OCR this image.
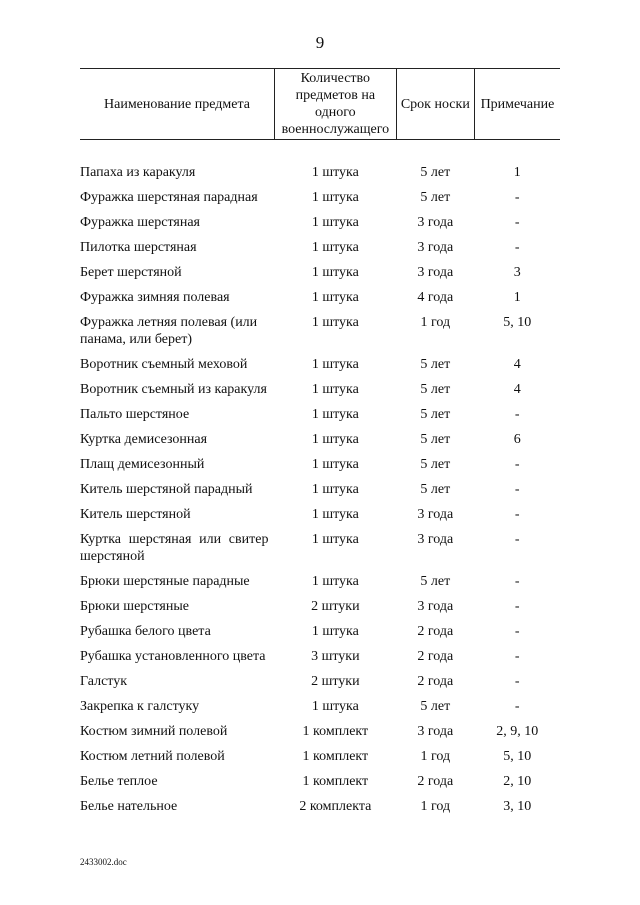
9
Наименование предмета	Количество предметов на одного военнослужащего	Срок носки	Примечание

Папаха из каракуля	1 штука	5 лет	1
Фуражка шерстяная парадная	1 штука	5 лет	-
Фуражка шерстяная	1 штука	3 года	-
Пилотка шерстяная	1 штука	3 года	-
Берет шерстяной	1 штука	3 года	3
Фуражка зимняя полевая	1 штука	4 года	1
Фуражка летняя полевая (или панама, или берет)	1 штука	1 год	5, 10
Воротник съемный меховой	1 штука	5 лет	4
Воротник съемный из каракуля	1 штука	5 лет	4
Пальто шерстяное	1 штука	5 лет	-
Куртка демисезонная	1 штука	5 лет	6
Плащ демисезонный	1 штука	5 лет	-
Китель шерстяной парадный	1 штука	5 лет	-
Китель шерстяной	1 штука	3 года	-
Куртка шерстяная или свитер шерстяной	1 штука	3 года	-
Брюки шерстяные парадные	1 штука	5 лет	-
Брюки шерстяные	2 штуки	3 года	-
Рубашка белого цвета	1 штука	2 года	-
Рубашка установленного цвета	3 штуки	2 года	-
Галстук	2 штуки	2 года	-
Закрепка к галстуку	1 штука	5 лет	-
Костюм зимний полевой	1 комплект	3 года	2, 9, 10
Костюм летний полевой	1 комплект	1 год	5, 10
Белье теплое	1 комплект	2 года	2, 10
Белье нательное	2 комплекта	1 год	3, 10
2433002.doc
